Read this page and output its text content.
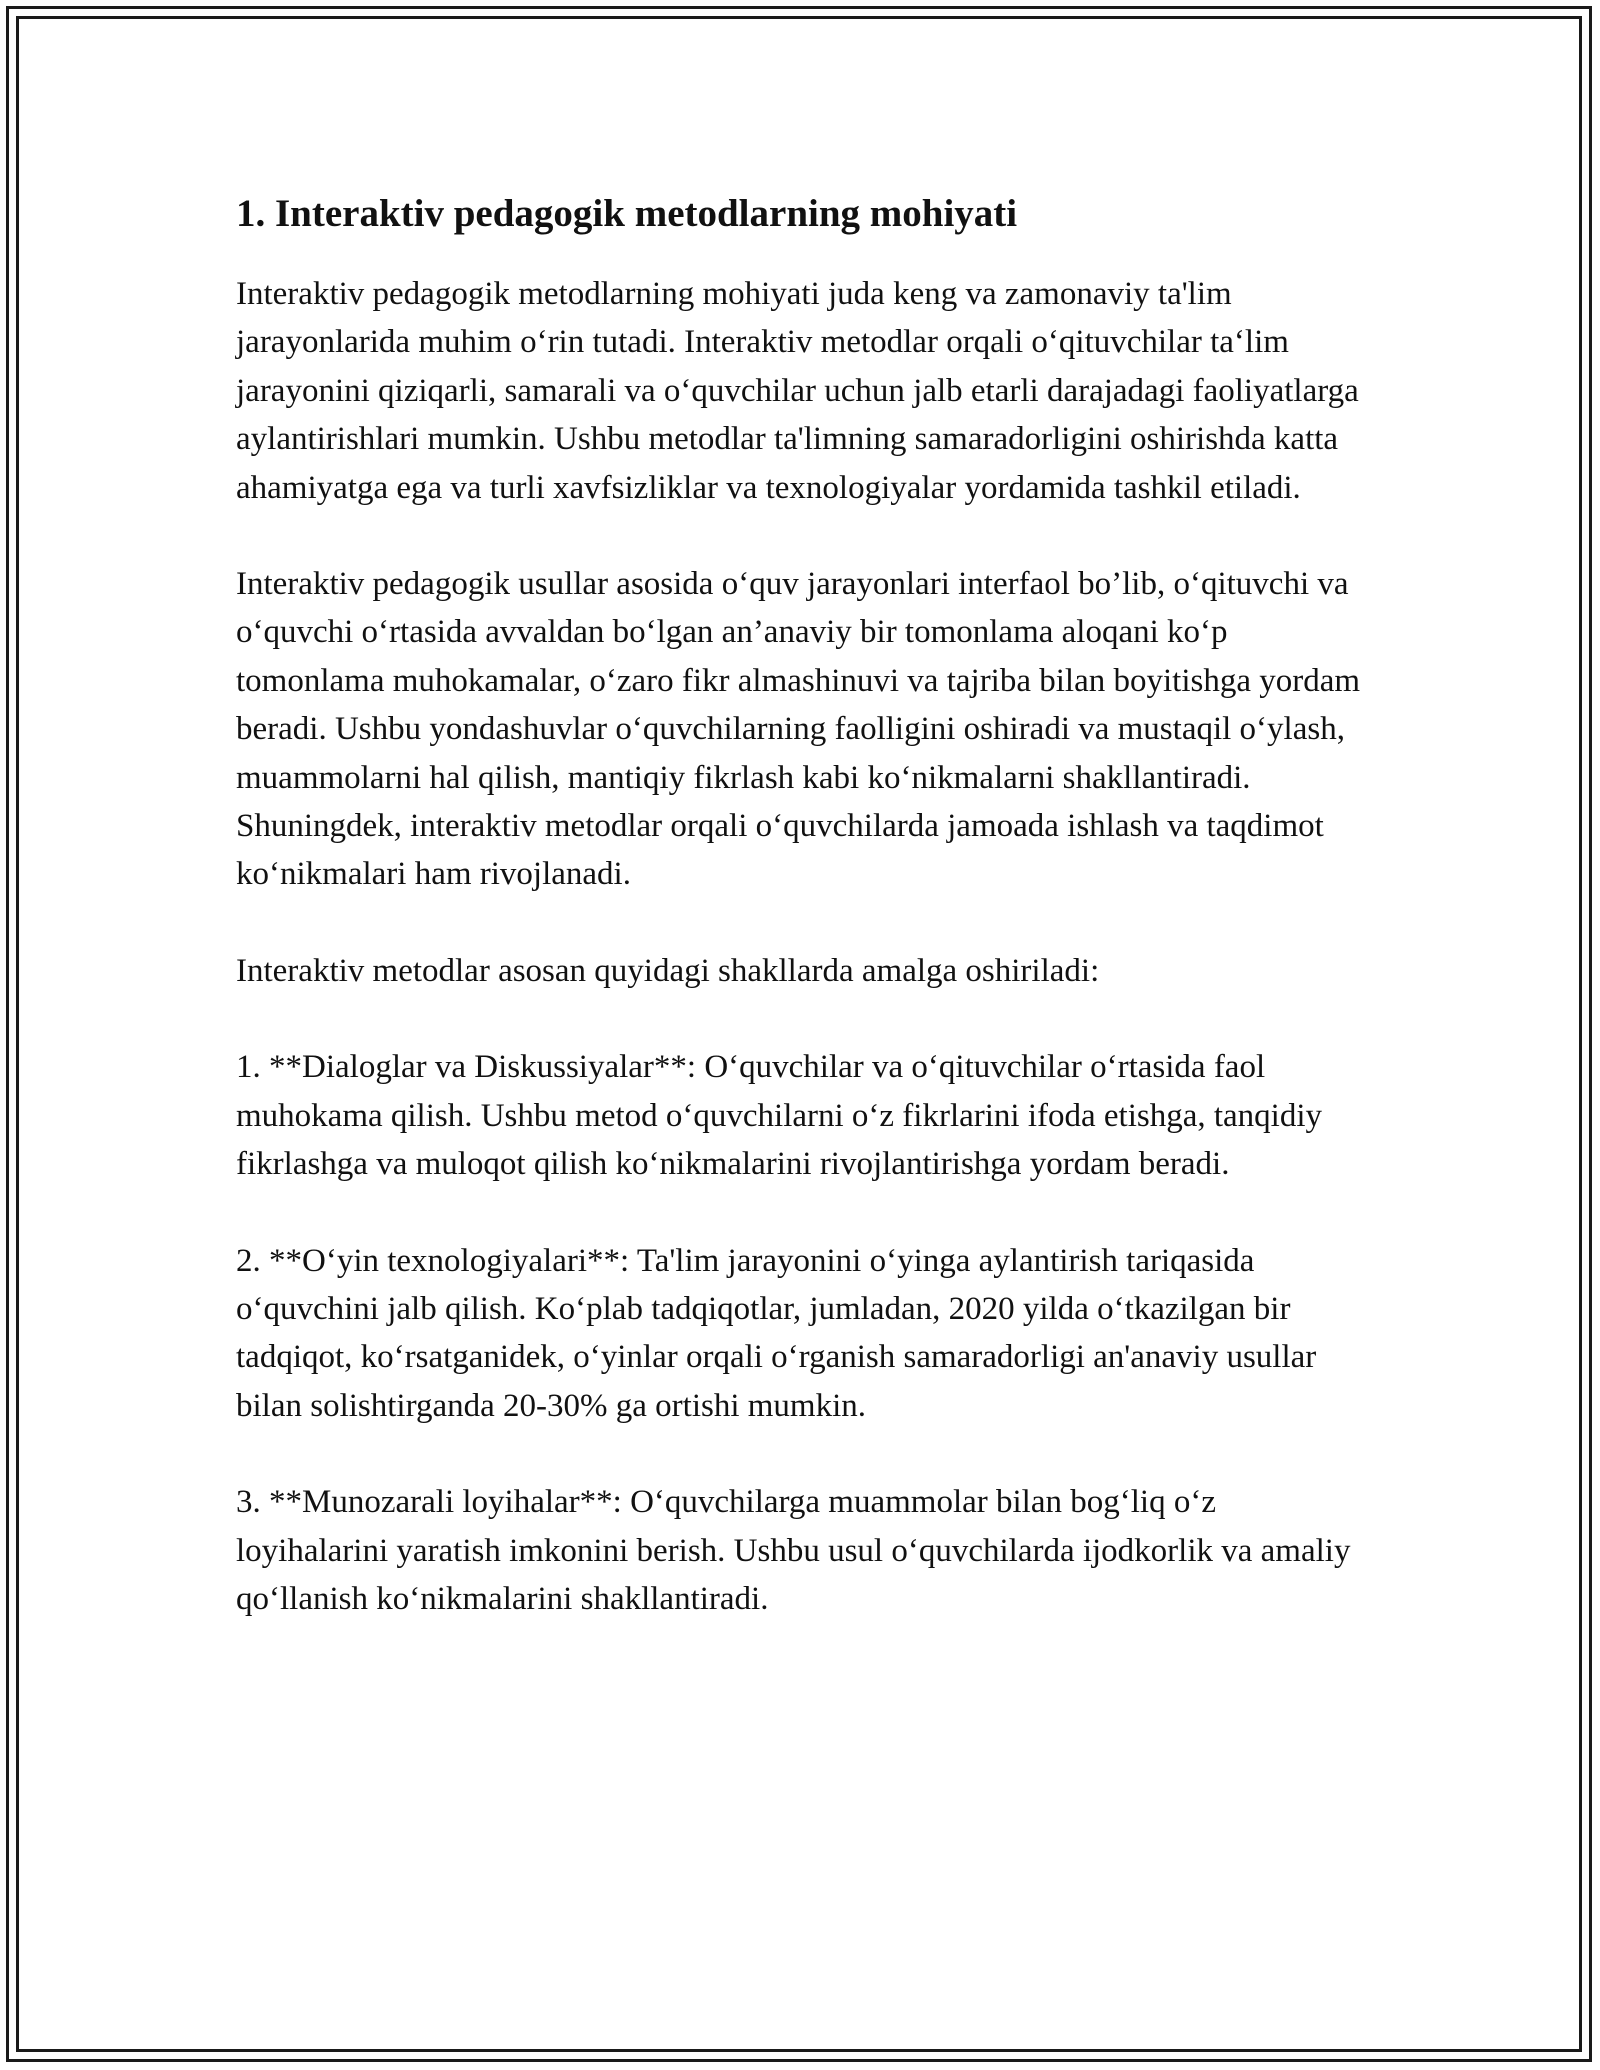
1. Interaktiv pedagogik metodlarning mohiyati

Interaktiv pedagogik metodlarning mohiyati juda keng va zamonaviy ta'lim jarayonlarida muhim o‘rin tutadi. Interaktiv metodlar orqali o‘qituvchilar ta‘lim jarayonini qiziqarli, samarali va o‘quvchilar uchun jalb etarli darajadagi faoliyatlarga aylantirishlari mumkin. Ushbu metodlar ta'limning samaradorligini oshirishda katta ahamiyatga ega va turli xavfsizliklar va texnologiyalar yordamida tashkil etiladi.

Interaktiv pedagogik usullar asosida o‘quv jarayonlari interfaol bo’lib, o‘qituvchi va o‘quvchi o‘rtasida avvaldan bo‘lgan an’anaviy bir tomonlama aloqani ko‘p tomonlama muhokamalar, o‘zaro fikr almashinuvi va tajriba bilan boyitishga yordam beradi. Ushbu yondashuvlar o‘quvchilarning faolligini oshiradi va mustaqil o‘ylash, muammolarni hal qilish, mantiqiy fikrlash kabi ko‘nikmalarni shakllantiradi. Shuningdek, interaktiv metodlar orqali o‘quvchilarda jamoada ishlash va taqdimot ko‘nikmalari ham rivojlanadi.

Interaktiv metodlar asosan quyidagi shakllarda amalga oshiriladi:

1. **Dialoglar va Diskussiyalar**: O‘quvchilar va o‘qituvchilar o‘rtasida faol muhokama qilish. Ushbu metod o‘quvchilarni o‘z fikrlarini ifoda etishga, tanqidiy fikrlashga va muloqot qilish ko‘nikmalarini rivojlantirishga yordam beradi.

2. **O‘yin texnologiyalari**: Ta'lim jarayonini o‘yinga aylantirish tariqasida o‘quvchini jalb qilish. Ko‘plab tadqiqotlar, jumladan, 2020 yilda o‘tkazilgan bir tadqiqot, ko‘rsatganidek, o‘yinlar orqali o‘rganish samaradorligi an'anaviy usullar bilan solishtirganda 20-30% ga ortishi mumkin.

3. **Munozarali loyihalar**: O‘quvchilarga muammolar bilan bog‘liq o‘z loyihalarini yaratish imkonini berish. Ushbu usul o‘quvchilarda ijodkorlik va amaliy qo‘llanish ko‘nikmalarini shakllantiradi.
